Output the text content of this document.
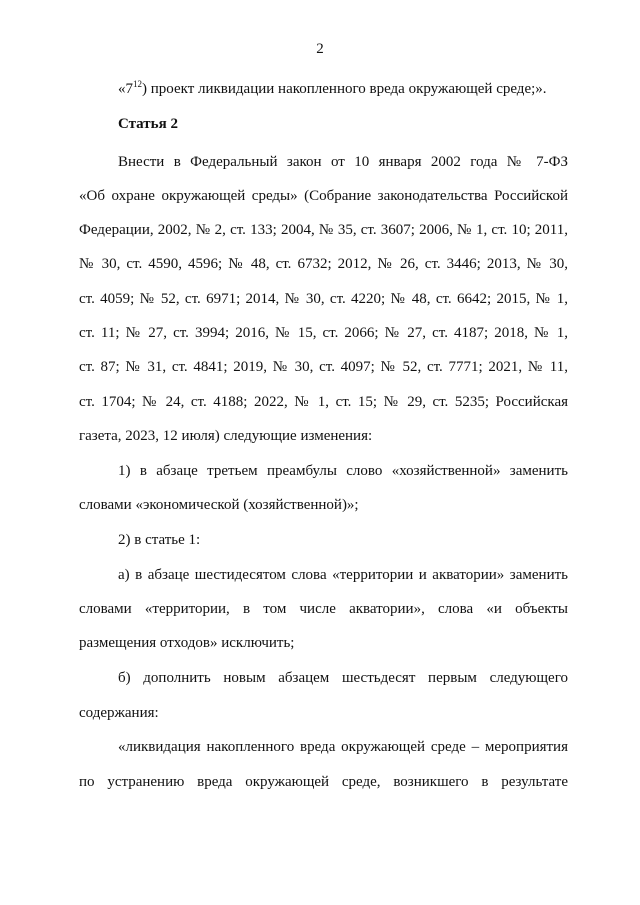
2
«$7^{12}$) проект ликвидации накопленного вреда окружающей среде;».
Статья 2
Внести в Федеральный закон от 10 января 2002 года № 7-ФЗ
«Об охране окружающей среды» (Собрание законодательства Российской
Федерации, 2002, № 2, ст. 133; 2004, № 35, ст. 3607; 2006, № 1, ст. 10; 2011,
№ 30, ст. 4590, 4596; № 48, ст. 6732; 2012, № 26, ст. 3446; 2013, № 30,
ст. 4059; № 52, ст. 6971; 2014, № 30, ст. 4220; № 48, ст. 6642; 2015, № 1,
ст. 11; № 27, ст. 3994; 2016, № 15, ст. 2066; № 27, ст. 4187; 2018, № 1,
ст. 87; № 31, ст. 4841; 2019, № 30, ст. 4097; № 52, ст. 7771; 2021, № 11,
ст. 1704; № 24, ст. 4188; 2022, № 1, ст. 15; № 29, ст. 5235; Российская
газета, 2023, 12 июля) следующие изменения:
1) в абзаце третьем преамбулы слово «хозяйственной» заменить
словами «экономической (хозяйственной)»;
2) в статье 1:
а) в абзаце шестидесятом слова «территории и акватории» заменить
словами «территории, в том числе акватории», слова «и объекты
размещения отходов» исключить;
б) дополнить новым абзацем шестьдесят первым следующего
содержания:
«ликвидация накопленного вреда окружающей среде – мероприятия
по устранению вреда окружающей среде, возникшего в результате
